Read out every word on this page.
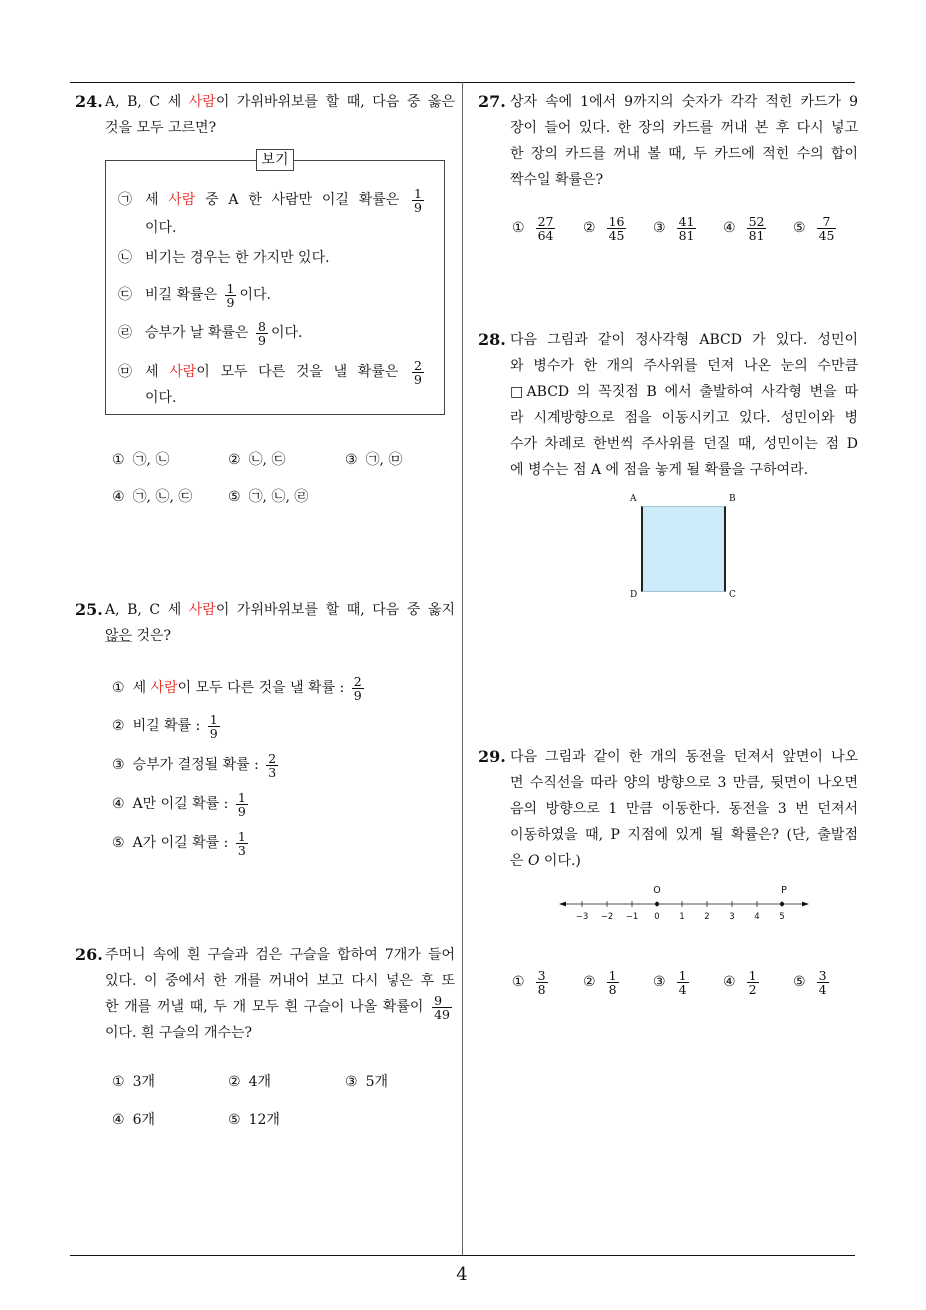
4
24. A, B, C 세 사람이 가위바위보를 할 때, 다음 중 옳은
것을 모두 고르면?
보기
㉠ 세 사람 중 A 한 사람만 이길 확률은 $\frac{1}{9}$
이다.
㉡ 비기는 경우는 한 가지만 있다.
㉢ 비길 확률은 $\frac{1}{9}$ 이다.
㉣ 승부가 날 확률은 $\frac{8}{9}$ 이다.
㉤ 세 사람이 모두 다른 것을 낼 확률은 $\frac{2}{9}$
이다.
① ㉠, ㉡	② ㉡, ㉢	③ ㉠, ㉤
④ ㉠, ㉡, ㉢	⑤ ㉠, ㉡, ㉣
25. A, B, C 세 사람이 가위바위보를 할 때, 다음 중 옳지
않은 것은?
① 세 사람이 모두 다른 것을 낼 확률 : $\frac{2}{9}$
② 비길 확률 : $\frac{1}{9}$
③ 승부가 결정될 확률 : $\frac{2}{3}$
④ A만 이길 확률 : $\frac{1}{9}$
⑤ A가 이길 확률 : $\frac{1}{3}$
26. 주머니 속에 흰 구슬과 검은 구슬을 합하여 7개가 들어
있다. 이 중에서 한 개를 꺼내어 보고 다시 넣은 후 또
한 개를 꺼낼 때, 두 개 모두 흰 구슬이 나올 확률이 $\frac{9}{49}$
이다. 흰 구슬의 개수는?
① 3개	② 4개	③ 5개
④ 6개	⑤ 12개
27. 상자 속에 1에서 9까지의 숫자가 각각 적힌 카드가 9
장이 들어 있다. 한 장의 카드를 꺼내 본 후 다시 넣고
한 장의 카드를 꺼내 볼 때, 두 카드에 적힌 수의 합이
짝수일 확률은?
① $\frac{27}{64}$ ② $\frac{16}{45}$ ③ $\frac{41}{81}$ ④ $\frac{52}{81}$ ⑤ $\frac{7}{45}$
28. 다음 그림과 같이 정사각형 ABCD 가 있다. 성민이
와 병수가 한 개의 주사위를 던져 나온 눈의 수만큼
□ABCD 의 꼭짓점 B 에서 출발하여 사각형 변을 따
라 시계방향으로 점을 이동시키고 있다. 성민이와 병
수가 차례로 한번씩 주사위를 던질 때, 성민이는 점 D
에 병수는 점 A 에 점을 놓게 될 확률을 구하여라.
A	B
D	C
29. 다음 그림과 같이 한 개의 동전을 던져서 앞면이 나오
면 수직선을 따라 양의 방향으로 3 만큼, 뒷면이 나오면
음의 방향으로 1 만큼 이동한다. 동전을 3 번 던져서
이동하였을 때, P 지점에 있게 될 확률은? (단, 출발점
은 O 이다.)
−3 −2 −1 0 1 2 3 4 5
O	P
① $\frac{3}{8}$	② $\frac{1}{8}$ ③ $\frac{1}{4}$ ④ $\frac{1}{2}$ ⑤ $\frac{3}{4}$
